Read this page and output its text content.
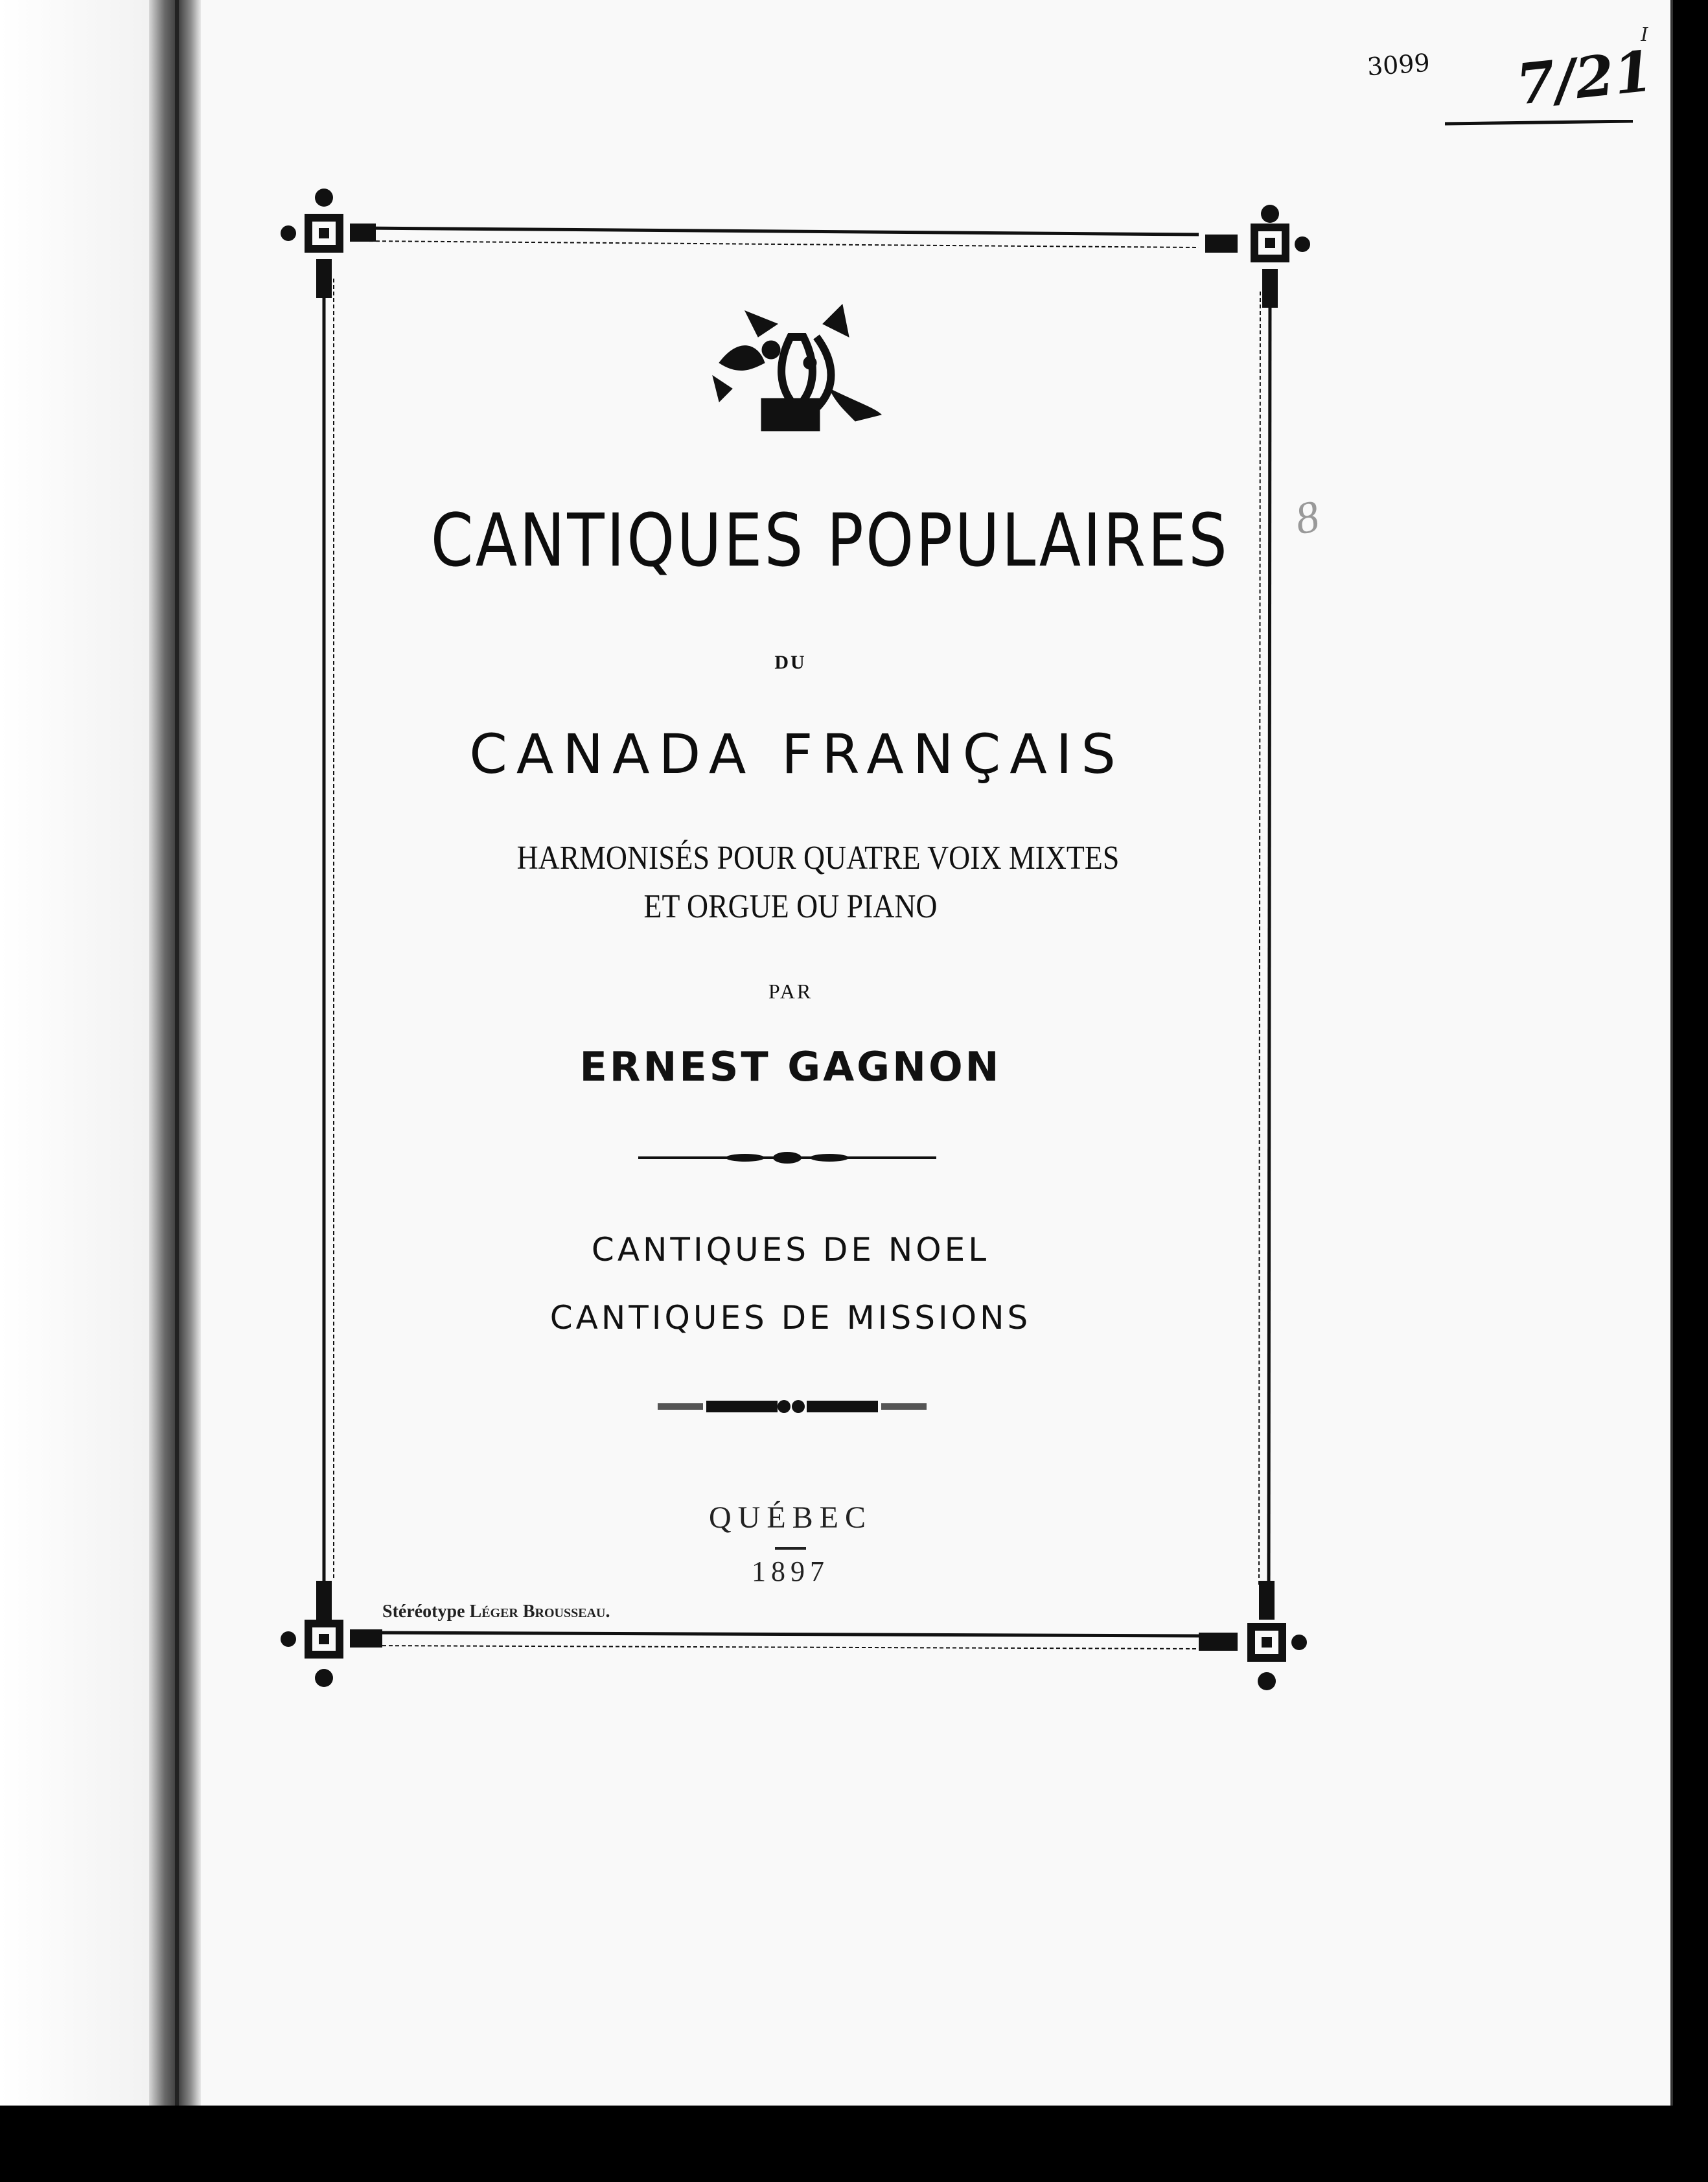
CANTIQUES POPULAIRES
DU
CANADA FRANÇAIS
HARMONISÉS POUR QUATRE VOIX MIXTES
ET ORGUE OU PIANO
PAR
ERNEST GAGNON
CANTIQUES DE NOEL
CANTIQUES DE MISSIONS
QUÉBEC
1897
Stéréotype Léger Brousseau.
3099 7/21
I
8
